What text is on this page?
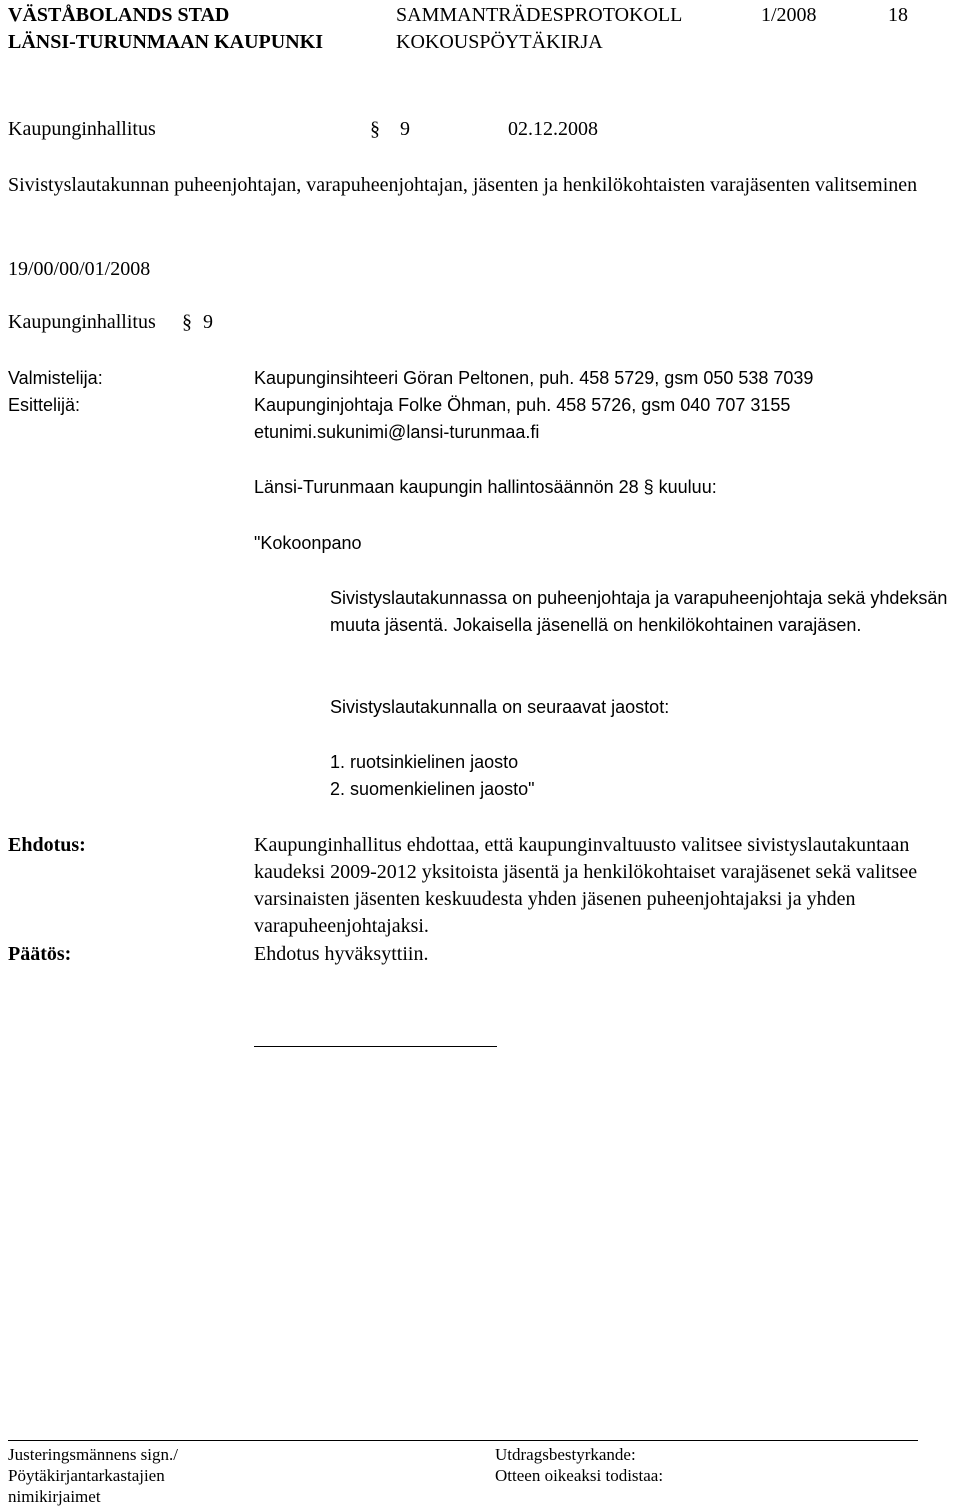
VÄSTÅBOLANDS STAD
LÄNSI-TURUNMAAN KAUPUNKI
SAMMANTRÄDESPROTOKOLL
KOKOUSPÖYTÄKIRJA
1/2008	18
Kaupunginhallitus	§ 9	02.12.2008
Sivistyslautakunnan puheenjohtajan, varapuheenjohtajan, jäsenten ja henkilökohtaisten varajäsenten valitseminen
19/00/00/01/2008
Kaupunginhallitus § 9
Valmistelija:	Kaupunginsihteeri Göran Peltonen, puh. 458 5729, gsm 050 538 7039
Esittelijä:	Kaupunginjohtaja Folke Öhman, puh. 458 5726, gsm 040 707 3155
etunimi.sukunimi@lansi-turunmaa.fi
Länsi-Turunmaan kaupungin hallintosäännön 28 § kuuluu:
"Kokoonpano
Sivistyslautakunnassa on puheenjohtaja ja varapuheenjohtaja sekä yhdeksän muuta jäsentä. Jokaisella jäsenellä on henkilökohtainen varajäsen.
Sivistyslautakunnalla on seuraavat jaostot:
1. ruotsinkielinen jaosto
2. suomenkielinen jaosto"
Ehdotus:	Kaupunginhallitus ehdottaa, että kaupunginvaltuusto valitsee sivistyslautakuntaan kaudeksi 2009-2012 yksitoista jäsentä ja henkilökohtaiset varajäsenet sekä valitsee varsinaisten jäsenten keskuudesta yhden jäsenen puheenjohtajaksi ja yhden varapuheenjohtajaksi.
Päätös:	Ehdotus hyväksyttiin.
Justeringsmännens sign./
Pöytäkirjantarkastajien
nimikirjaimet
Utdragsbestyrkande:
Otteen oikeaksi todistaa:
